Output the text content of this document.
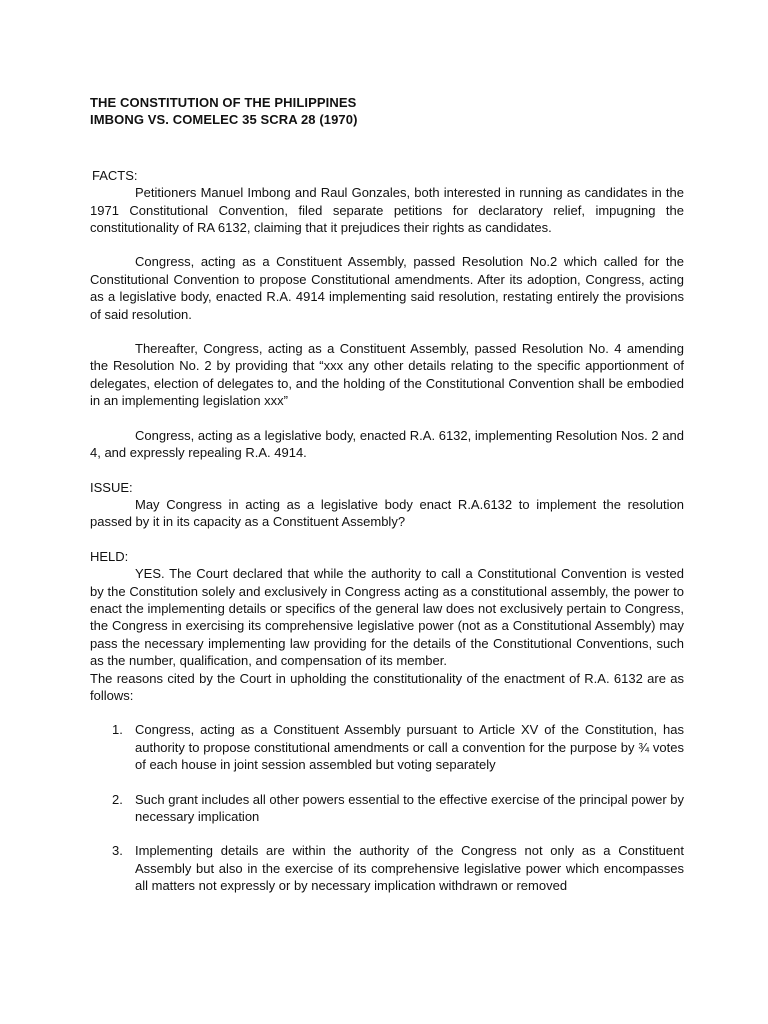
THE CONSTITUTION OF THE PHILIPPINES
IMBONG VS. COMELEC 35 SCRA 28 (1970)
FACTS:

Petitioners Manuel Imbong and Raul Gonzales, both interested in running as candidates in the 1971 Constitutional Convention, filed separate petitions for declaratory relief, impugning the constitutionality of RA 6132, claiming that it prejudices their rights as candidates.

Congress, acting as a Constituent Assembly, passed Resolution No.2 which called for the Constitutional Convention to propose Constitutional amendments. After its adoption, Congress, acting as a legislative body, enacted R.A. 4914 implementing said resolution, restating entirely the provisions of said resolution.

Thereafter, Congress, acting as a Constituent Assembly, passed Resolution No. 4 amending the Resolution No. 2 by providing that “xxx any other details relating to the specific apportionment of delegates, election of delegates to, and the holding of the Constitutional Convention shall be embodied in an implementing legislation xxx”

Congress, acting as a legislative body, enacted R.A. 6132, implementing Resolution Nos. 2 and 4, and expressly repealing R.A. 4914.

ISSUE:

May Congress in acting as a legislative body enact R.A.6132 to implement the resolution passed by it in its capacity as a Constituent Assembly?

HELD:

YES. The Court declared that while the authority to call a Constitutional Convention is vested by the Constitution solely and exclusively in Congress acting as a constitutional assembly, the power to enact the implementing details or specifics of the general law does not exclusively pertain to Congress, the Congress in exercising its comprehensive legislative power (not as a Constitutional Assembly) may pass the necessary implementing law providing for the details of the Constitutional Conventions, such as the number, qualification, and compensation of its member.

The reasons cited by the Court in upholding the constitutionality of the enactment of R.A. 6132 are as follows:

1. Congress, acting as a Constituent Assembly pursuant to Article XV of the Constitution, has authority to propose constitutional amendments or call a convention for the purpose by ¾ votes of each house in joint session assembled but voting separately
2. Such grant includes all other powers essential to the effective exercise of the principal power by necessary implication
3. Implementing details are within the authority of the Congress not only as a Constituent Assembly but also in the exercise of its comprehensive legislative power which encompasses all matters not expressly or by necessary implication withdrawn or removed
